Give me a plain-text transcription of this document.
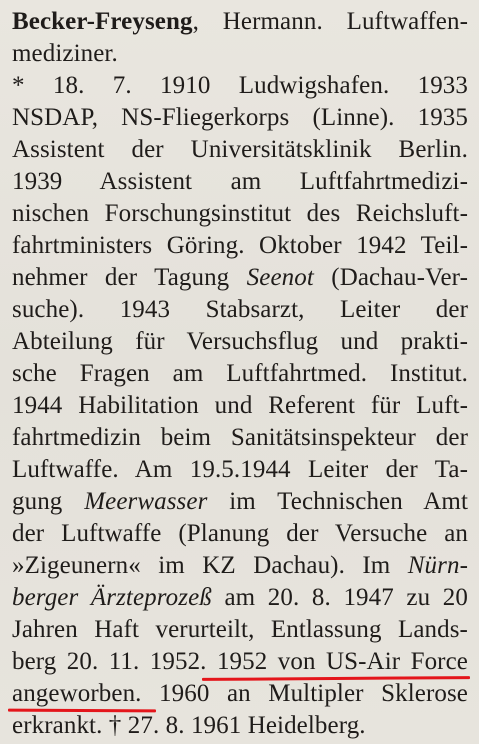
Becker-Freyseng, Hermann. Luftwaffen-
mediziner.
* 18. 7. 1910 Ludwigshafen. 1933
NSDAP, NS-Fliegerkorps (Linne). 1935
Assistent der Universitätsklinik Berlin.
1939 Assistent am Luftfahrtmedizi-
nischen Forschungsinstitut des Reichsluft-
fahrtministers Göring. Oktober 1942 Teil-
nehmer der Tagung Seenot (Dachau-Ver-
suche). 1943 Stabsarzt, Leiter der
Abteilung für Versuchsflug und prakti-
sche Fragen am Luftfahrtmed. Institut.
1944 Habilitation und Referent für Luft-
fahrtmedizin beim Sanitätsinspekteur der
Luftwaffe. Am 19.5.1944 Leiter der Ta-
gung Meerwasser im Technischen Amt
der Luftwaffe (Planung der Versuche an
»Zigeunern« im KZ Dachau). Im Nürn-
berger Ärzteprozeß am 20. 8. 1947 zu 20
Jahren Haft verurteilt, Entlassung Lands-
berg 20. 11. 1952. 1952 von US-Air Force
angeworben. 1960 an Multipler Sklerose
erkrankt. † 27. 8. 1961 Heidelberg.
